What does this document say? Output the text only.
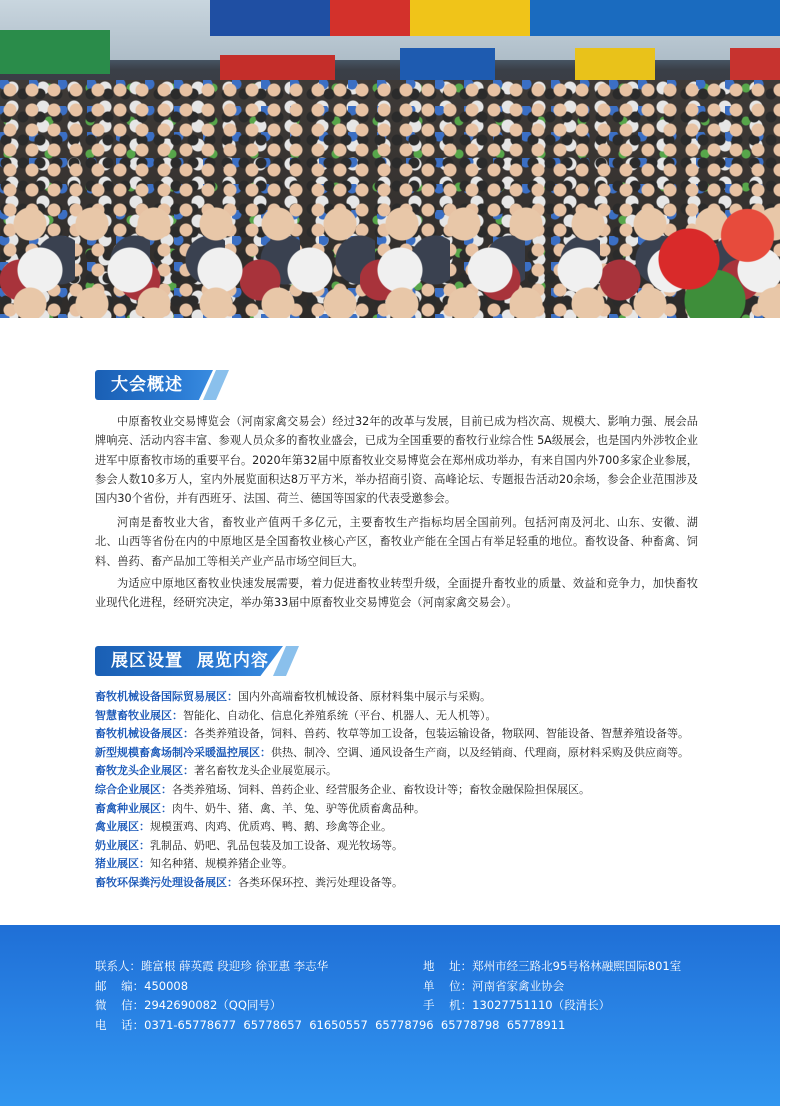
大会概述
中原畜牧业交易博览会（河南家禽交易会）经过32年的改革与发展，目前已成为档次高、规模大、影响力强、展会品牌响亮、活动内容丰富、参观人员众多的畜牧业盛会，已成为全国重要的畜牧行业综合性 5A级展会，也是国内外涉牧企业进军中原畜牧市场的重要平台。2020年第32届中原畜牧业交易博览会在郑州成功举办，有来自国内外700多家企业参展，参会人数10多万人，室内外展览面积达8万平方米，举办招商引资、高峰论坛、专题报告活动20余场，参会企业范围涉及国内30个省份，并有西班牙、法国、荷兰、德国等国家的代表受邀参会。
河南是畜牧业大省，畜牧业产值两千多亿元，主要畜牧生产指标均居全国前列。包括河南及河北、山东、安徽、湖北、山西等省份在内的中原地区是全国畜牧业核心产区，畜牧业产能在全国占有举足轻重的地位。畜牧设备、种畜禽、饲料、兽药、畜产品加工等相关产业产品市场空间巨大。
为适应中原地区畜牧业快速发展需要，着力促进畜牧业转型升级，全面提升畜牧业的质量、效益和竞争力，加快畜牧业现代化进程，经研究决定，举办第33届中原畜牧业交易博览会（河南家禽交易会）。
展区设置  展览内容
畜牧机械设备国际贸易展区：国内外高端畜牧机械设备、原材料集中展示与采购。
智慧畜牧业展区：智能化、自动化、信息化养殖系统（平台、机器人、无人机等）。
畜牧机械设备展区：各类养殖设备，饲料、兽药、牧草等加工设备，包装运输设备，物联网、智能设备、智慧养殖设备等。
新型规模畜禽场制冷采暖温控展区：供热、制冷、空调、通风设备生产商，以及经销商、代理商，原材料采购及供应商等。
畜牧龙头企业展区：著名畜牧龙头企业展览展示。
综合企业展区：各类养殖场、饲料、兽药企业、经营服务企业、畜牧设计等；畜牧金融保险担保展区。
畜禽种业展区：肉牛、奶牛、猪、禽、羊、兔、驴等优质畜禽品种。
禽业展区：规模蛋鸡、肉鸡、优质鸡、鸭、鹅、珍禽等企业。
奶业展区：乳制品、奶吧、乳品包装及加工设备、观光牧场等。
猪业展区：知名种猪、规模养猪企业等。
畜牧环保粪污处理设备展区：各类环保环控、粪污处理设备等。
联系人：雎富根 薛英霞 段迎珍 徐亚惠 李志华
邮    编：450008
微    信：2942690082（QQ同号）
电    话：0371-65778677  65778657  61650557  65778796  65778798  65778911
地    址：郑州市经三路北95号格林融熙国际801室
单    位：河南省家禽业协会
手    机：13027751110（段清长）
